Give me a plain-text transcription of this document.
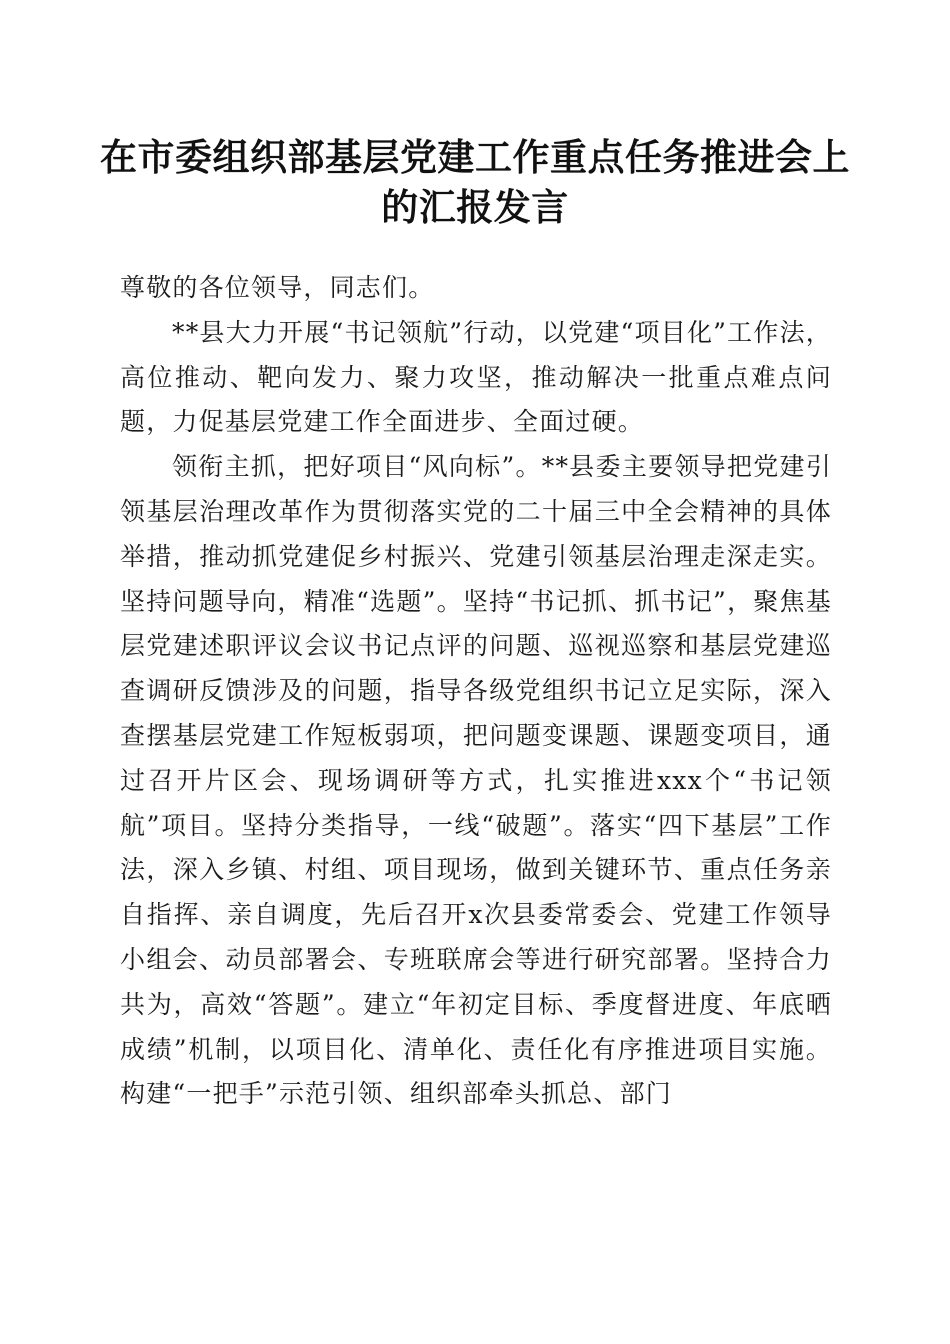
在市委组织部基层党建工作重点任务推进会上的汇报发言

尊敬的各位领导，同志们。

**县大力开展“书记领航”行动，以党建“项目化”工作法，高位推动、靶向发力、聚力攻坚，推动解决一批重点难点问题，力促基层党建工作全面进步、全面过硬。

领衔主抓，把好项目“风向标”。**县委主要领导把党建引领基层治理改革作为贯彻落实党的二十届三中全会精神的具体举措，推动抓党建促乡村振兴、党建引领基层治理走深走实。坚持问题导向，精准“选题”。坚持“书记抓、抓书记”，聚焦基层党建述职评议会议书记点评的问题、巡视巡察和基层党建巡查调研反馈涉及的问题，指导各级党组织书记立足实际，深入查摆基层党建工作短板弱项，把问题变课题、课题变项目，通过召开片区会、现场调研等方式，扎实推进xxx个“书记领航”项目。坚持分类指导，一线“破题”。落实“四下基层”工作法，深入乡镇、村组、项目现场，做到关键环节、重点任务亲自指挥、亲自调度，先后召开x次县委常委会、党建工作领导小组会、动员部署会、专班联席会等进行研究部署。坚持合力共为，高效“答题”。建立“年初定目标、季度督进度、年底晒成绩”机制，以项目化、清单化、责任化有序推进项目实施。构建“一把手”示范引领、组织部牵头抓总、部门
